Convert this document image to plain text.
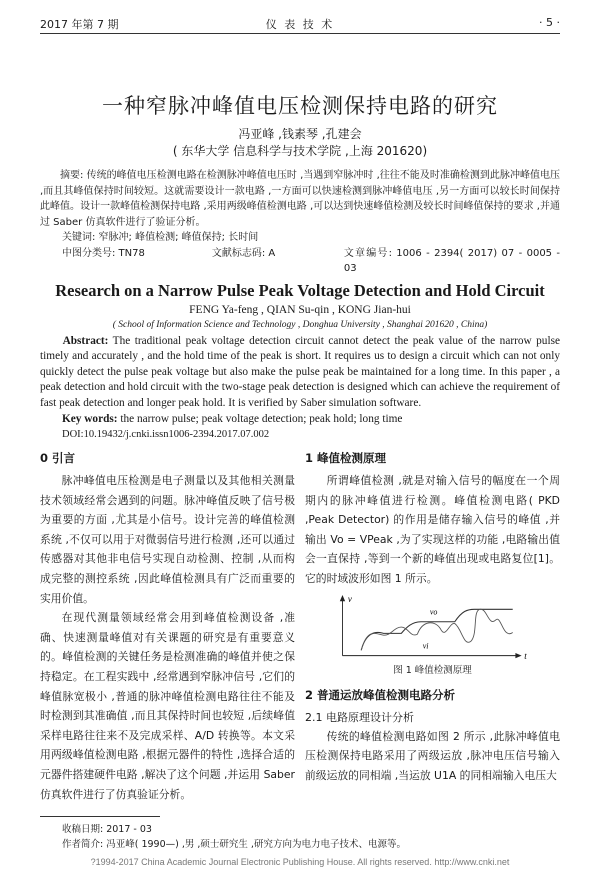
2017 年第 7 期	仪 表 技 术	· 5 ·
一种窄脉冲峰值电压检测保持电路的研究
冯亚峰 ,钱素琴 ,孔建会
( 东华大学 信息科学与技术学院 ,上海 201620)
摘要: 传统的峰值电压检测电路在检测脉冲峰值电压时 ,当遇到窄脉冲时 ,往往不能及时准确检测到此脉冲峰值电压 ,而且其峰值保持时间较短。这就需要设计一款电路 ,一方面可以快速检测到脉冲峰值电压 ,另一方面可以较长时间保持此峰值。设计一款峰值检测保持电路 ,采用两级峰值检测电路 ,可以达到快速峰值检测及较长时间峰值保持的要求 ,并通过 Saber 仿真软件进行了验证分析。
关键词: 窄脉冲; 峰值检测; 峰值保持; 长时间
中图分类号: TN78	文献标志码: A	文章编号: 1006 - 2394( 2017) 07 - 0005 - 03
Research on a Narrow Pulse Peak Voltage Detection and Hold Circuit
FENG Ya-feng , QIAN Su-qin , KONG Jian-hui
( School of Information Science and Technology , Donghua University , Shanghai 201620 , China)
Abstract: The traditional peak voltage detection circuit cannot detect the peak value of the narrow pulse timely and accurately , and the hold time of the peak is short. It requires us to design a circuit which can not only quickly detect the pulse peak voltage but also make the pulse peak be maintained for a long time. In this paper , a peak detection and hold circuit with the two-stage peak detection is designed which can achieve the requirement of fast peak detection and longer peak hold. It is verified by Saber simulation software.
Key words: the narrow pulse; peak voltage detection; peak hold; long time
DOI:10.19432/j.cnki.issn1006-2394.2017.07.002
0 引言
脉冲峰值电压检测是电子测量以及其他相关测量技术领域经常会遇到的问题。脉冲峰值反映了信号极为重要的方面 ,尤其是小信号。设计完善的峰值检测系统 ,不仅可以用于对微弱信号进行检测 ,还可以通过传感器对其他非电信号实现自动检测、控制 ,从而构成完整的测控系统 ,因此峰值检测具有广泛而重要的实用价值。
在现代测量领域经常会用到峰值检测设备 ,准确、快速测量峰值对有关课题的研究是有重要意义的。峰值检测的关键任务是检测准确的峰值并使之保持稳定。在工程实践中 ,经常遇到窄脉冲信号 ,它们的峰值脉宽极小 ,普通的脉冲峰值检测电路往往不能及时检测到其准确值 ,而且其保持时间也较短 ,后续峰值采样电路往往来不及完成采样、A/D 转换等。本文采用两级峰值检测电路 ,根据元器件的特性 ,选择合适的元器件搭建硬件电路 ,解决了这个问题 ,并运用 Saber 仿真软件进行了仿真验证分析。
1 峰值检测原理
所谓峰值检测 ,就是对输入信号的幅度在一个周期内的脉冲峰值进行检测。峰值检测电路( PKD ,Peak Detector) 的作用是储存输入信号的峰值 ,并输出 Vo = VPeak ,为了实现这样的功能 ,电路输出值会一直保持 ,等到一个新的峰值出现或电路复位[1]。它的时域波形如图 1 所示。
v
t
vo
vi
图 1 峰值检测原理
2 普通运放峰值检测电路分析
2.1 电路原理设计分析
传统的峰值检测电路如图 2 所示 ,此脉冲峰值电压检测保持电路采用了两级运放 ,脉冲电压信号输入前级运放的同相端 ,当运放 U1A 的同相端输入电压大
收稿日期: 2017 - 03
作者简介: 冯亚峰( 1990—) ,男 ,硕士研究生 ,研究方向为电力电子技术、电源等。
?1994-2017 China Academic Journal Electronic Publishing House. All rights reserved. http://www.cnki.net
